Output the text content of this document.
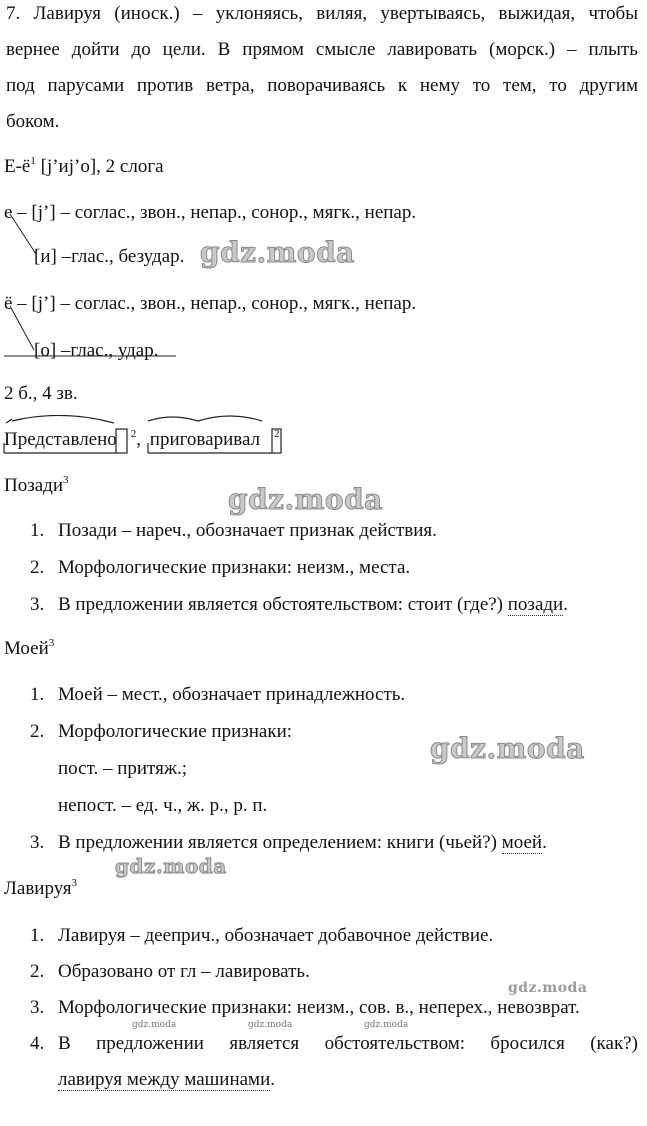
7. Лавируя (иноск.) – уклоняясь, виляя, увертываясь, выжидая, чтобы
вернее дойти до цели. В прямом смысле лавировать (морск.) – плыть
под парусами против ветра, поворачиваясь к нему то тем, то другим
боком.
$Е-ё^1$ [j’иj’о], 2 слога
е – [j’] – соглас., звон., непар., сонор., мягк., непар.
[и] –глас., безудар.
ё – [j’] – соглас., звон., непар., сонор., мягк., непар.
[о] –глас., удар.
2 б., 4 зв.
Представлено $^2$, приговаривал $^2$
Позади$^3$
1. Позади – нареч., обозначает признак действия.
2. Морфологические признаки: неизм., места.
3. В предложении является обстоятельством: стоит (где?) позади.
Моей$^3$
1. Моей – мест., обозначает принадлежность.
2. Морфологические признаки:
пост. – притяж.;
непост. – ед. ч., ж. р., р. п.
3. В предложении является определением: книги (чьей?) моей.
Лавируя$^3$
1. Лавируя – дееприч., обозначает добавочное действие.
2. Образовано от гл – лавировать.
3. Морфологические признаки: неизм., сов. в., неперех., невозврат.
4. В предложении является обстоятельством: бросился (как?)
лавируя между машинами.
gdz.moda
gdz.moda
gdz.moda
gdz.moda
gdz.moda
gdz.moda	gdz.moda	gdz.moda
